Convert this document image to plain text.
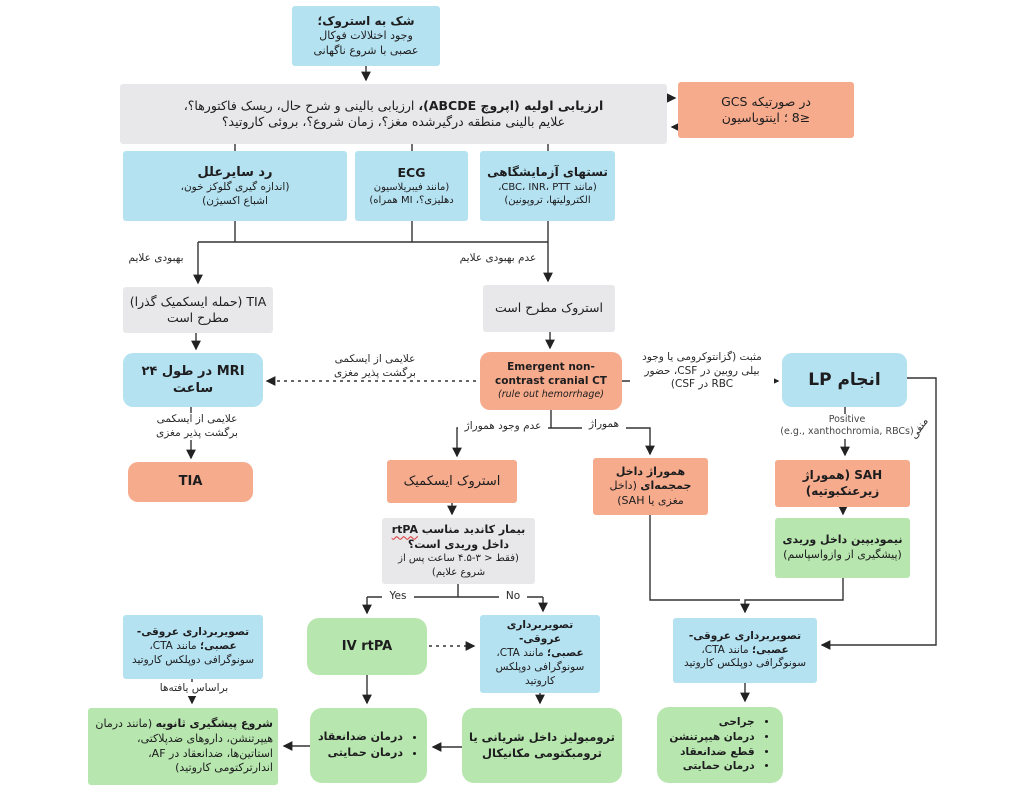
شک به استروک؛
وجود اختلالات فوکال
عصبی با شروع ناگهانی
ارزیابی اولیه (اپروچ ABCDE)، ارزیابی بالینی و شرح حال، ریسک فاکتورها؟،
علایم بالینی منطقه درگیرشده مغز؟، زمان شروع؟، بروئی کاروتید؟
در صورتیکه GCS
≤8 ؛ اینتوباسیون
رد سایرعلل
(اندازه گیری گلوکز خون،
اشباع اکسیژن)
ECG
(مانند فیبریلاسیون
دهلیزی؟، MI همراه)
تستهای آزمایشگاهی
(مانند CBC، INR، PTT،
الکترولیتها، تروپونین)
TIA (حمله ایسکمیک گذرا) مطرح است
استروک مطرح است
MRI در طول ۲۴ ساعت
Emergent non-contrast cranial CT
(rule out hemorrhage)
انجام LP
TIA	استروک ایسکمیک
بیمار کاندید مناسب rtPA
داخل وریدی است؟
(فقط < ۳-۴.۵ ساعت پس از
شروع علایم)
هموراژ داخل جمجمه‌ای (داخل مغزی یا SAH)
SAH (هموراژ زیرعنکبوتیه)
نیمودیپین داخل وریدی (پیشگیری از وازواسپاسم)
IV rtPA
تصویربرداری عروقی-
عصبی؛ مانند CTA،
سونوگرافی دوپلکس کاروتید
تصویربرداری عروقی-
عصبی؛ مانند CTA،
سونوگرافی دوپلکس کاروتید
تصویربرداری عروقی-
عصبی؛ مانند CTA،
سونوگرافی دوپلکس کاروتید
شروع پیشگیری ثانویه (مانند درمان هیپرتنشن، داروهای ضدپلاکتی، استاتین‌ها، ضدانعقاد در AF، اندارترکتومی کاروتید)
• درمان ضدانعقاد
• درمان حمایتی
ترومبولیز داخل شریانی یا ترومبکتومی مکانیکال
• جراحی
• درمان هیپرتنشن
• قطع ضدانعقاد
• درمان حمایتی
بهبودی علایم	عدم بهبودی علایم
علایمی از ایسکمی
برگشت پذیر مغزی
علایمی از ایسکمی
برگشت پذیر مغزی
مثبت (گزانتوکرومی یا وجود
بیلی روبین در CSF، حضور
RBC در CSF)
Positive
(e.g., xanthochromia, RBCs)
منفی
عدم وجود هموراژ	هموراژ
Yes	No
براساس یافته‌ها
